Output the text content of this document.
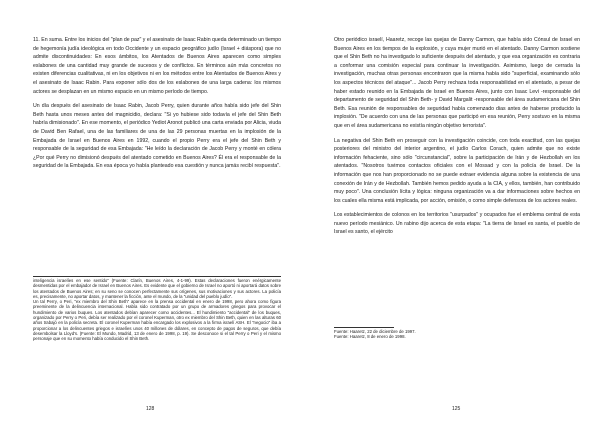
11. En suma. Entre los inicios del "plan de paz" y el asesinato de Isaac Rabin queda determinado un tiempo de hegemonía judía ideológica en todo Occidente y un espacio geográfico judío (Israel + diáspora) que no admite discontinuidades: En esos ámbitos, los Atentados de Buenos Aires aparecen como simples eslabones de una cantidad muy grande de sucesos y de conflictos. En términos aún más concretos no existen diferencias cualitativas, ni en los objetivos ni en los métodos entre los Atentados de Buenos Aires y el asesinato de Isaac Rabin. Para exponer sólo dos de los eslabones de una larga cadena: los mismos actores se desplazan en un mismo espacio en un mismo período de tiempo.

Un día después del asesinato de Isaac Rabin, Jacob Perry, quien durante años había sido jefe del Shin Beth hasta unos meses antes del magnicidio, declara: "Si yo hubiese sido todavía el jefe del Shin Beth habría dimisionado". En ese momento, el periódico Yediot Aronot publicó una carta enviada por Alicia, viuda de David Ben Rafael, una de las familiares de una de las 29 personas muertas en la implosión de la Embajada de Israel en Buenos Aires en 1992, cuando el propio Perry era el jefe del Shin Beth y responsable de la seguridad de esa Embajada: "He leído la declaración de Jacob Perry y monté en cólera ¿Por qué Perry no dimisionó después del atentado cometido en Buenos Aires? Él era el responsable de la seguridad de la Embajada. En esa época yo había planteado esa cuestión y nunca jamás recibí respuesta".

inteligencia israelíes en ese sentido" (Fuente: Clarín, Buenos Aires, 4-1-99). Estas declaraciones fueron enérgicamente desmentidas por el embajador de Israel en Buenos Aires. Es evidente que el gobierno de Israel no aportó ni aportará datos sobre los atentados de Buenos Aires; en su seno se conocen perfectamente sus orígenes, sus motivaciones y sus actores. La policía es, precisamente, no aportar datos, y mantener la ficción, ante el mundo, de la "unidad del pueblo judío".

Un tal Perry, o Peri, "ex miembro del Shin Beth" aparece en la prensa occidental en enero de 1998, pero ahora como figura preeminente de la delincuencia internacional. Había sido contratado por un grupo de armadores griegos para provocar el hundimiento de varios buques. Los atentados debían aparecer como accidentes... El hundimiento "accidental" de los buques, organizado por Perry o Peri, debía ser realizado por el coronel Kuperman, otro ex miembro del Shin Beth, quien en las alturas 60 años trabajó en la policía secreta. El coronel Kuperman había encargado los explosivos a la firma israelí ASH. El "negocio" iba a proporcionar a los delincuentes griegos e israelíes unos 40 millones de dólares, en concepto de pagos de seguros, que debía desembolsar la Lloyd's. (Fuente: El Mundo, Madrid, 13 de enero de 1998, p. 19). Se desconoce si el tal Perry o Peri y el mismo personaje que en su momento había conducido el Shin Beth.

128

Otro periódico israelí, Haaretz, recoge las quejas de Danny Carmon, que había sido Cónsul de Israel en Buenos Aires en los tiempos de la explosión, y cuya mujer murió en el atentado. Danny Carmon sostiene que el Shin Beth no ha investigado lo suficiente después del atentado, y que esa organización es contraria a conformar una comisión especial para continuar la investigación. Asimismo, luego de cerrada la investigación, muchas otras personas encontraron que la misma había sido "superficial, examinando sólo los aspectos técnicos del ataque"... Jacob Perry rechaza toda responsabilidad en el atentado, a pesar de haber estado reunido en la Embajada de Israel en Buenos Aires, junto con Isaac Levi -responsable del departamento de seguridad del Shin Beth- y David Margalit -responsable del área sudamericana del Shin Beth. Esa reunión de responsables de seguridad había comenzado dias antes de haberse producido la implosión. "De acuerdo con una de las personas que participó en esa reunión, Perry sostuvo en la misma que en el área sudamericana no existía ningún objetivo terrorista".

La negativa del Shin Beth en proseguir con la investigación coincide, con toda exactitud, con las quejas posteriores del ministro del interior argentino, el judío Carlos Corach, quien admite que no existe información fehaciente, sino sólo "circunstancial", sobre la participación de Irán y de Hezbollah en los atentados. "Nosotros tuvimos contactos oficiales con el Mossad y con la policía de Israel. De la información que nos han proporcionado no se puede extraer evidencia alguna sobre la existencia de una conexión de Irán y de Hezbollah. También hemos pedido ayuda a la CIA, y ellos, también, han contribuido muy poco". Una conclusión lícita y lógica: ninguna organización va a dar informaciones sobre hechos en los cuales ella misma está implicada, por acción, omisión, o como simple defensora de los actores reales.

Los establecimientos de colonos en los territorios "usurpados" y ocupados fue el emblema central de esta nuevo período mesiánico. Un rabino dijo acerca de esta etapa: "La tierra de Israel es santa, el pueblo de Israel es santo, el ejército

Fuente: Haaretz, 22 de diciembre de 1997.

Fuente: Haaretz, 8 de enero de 1998.

125
